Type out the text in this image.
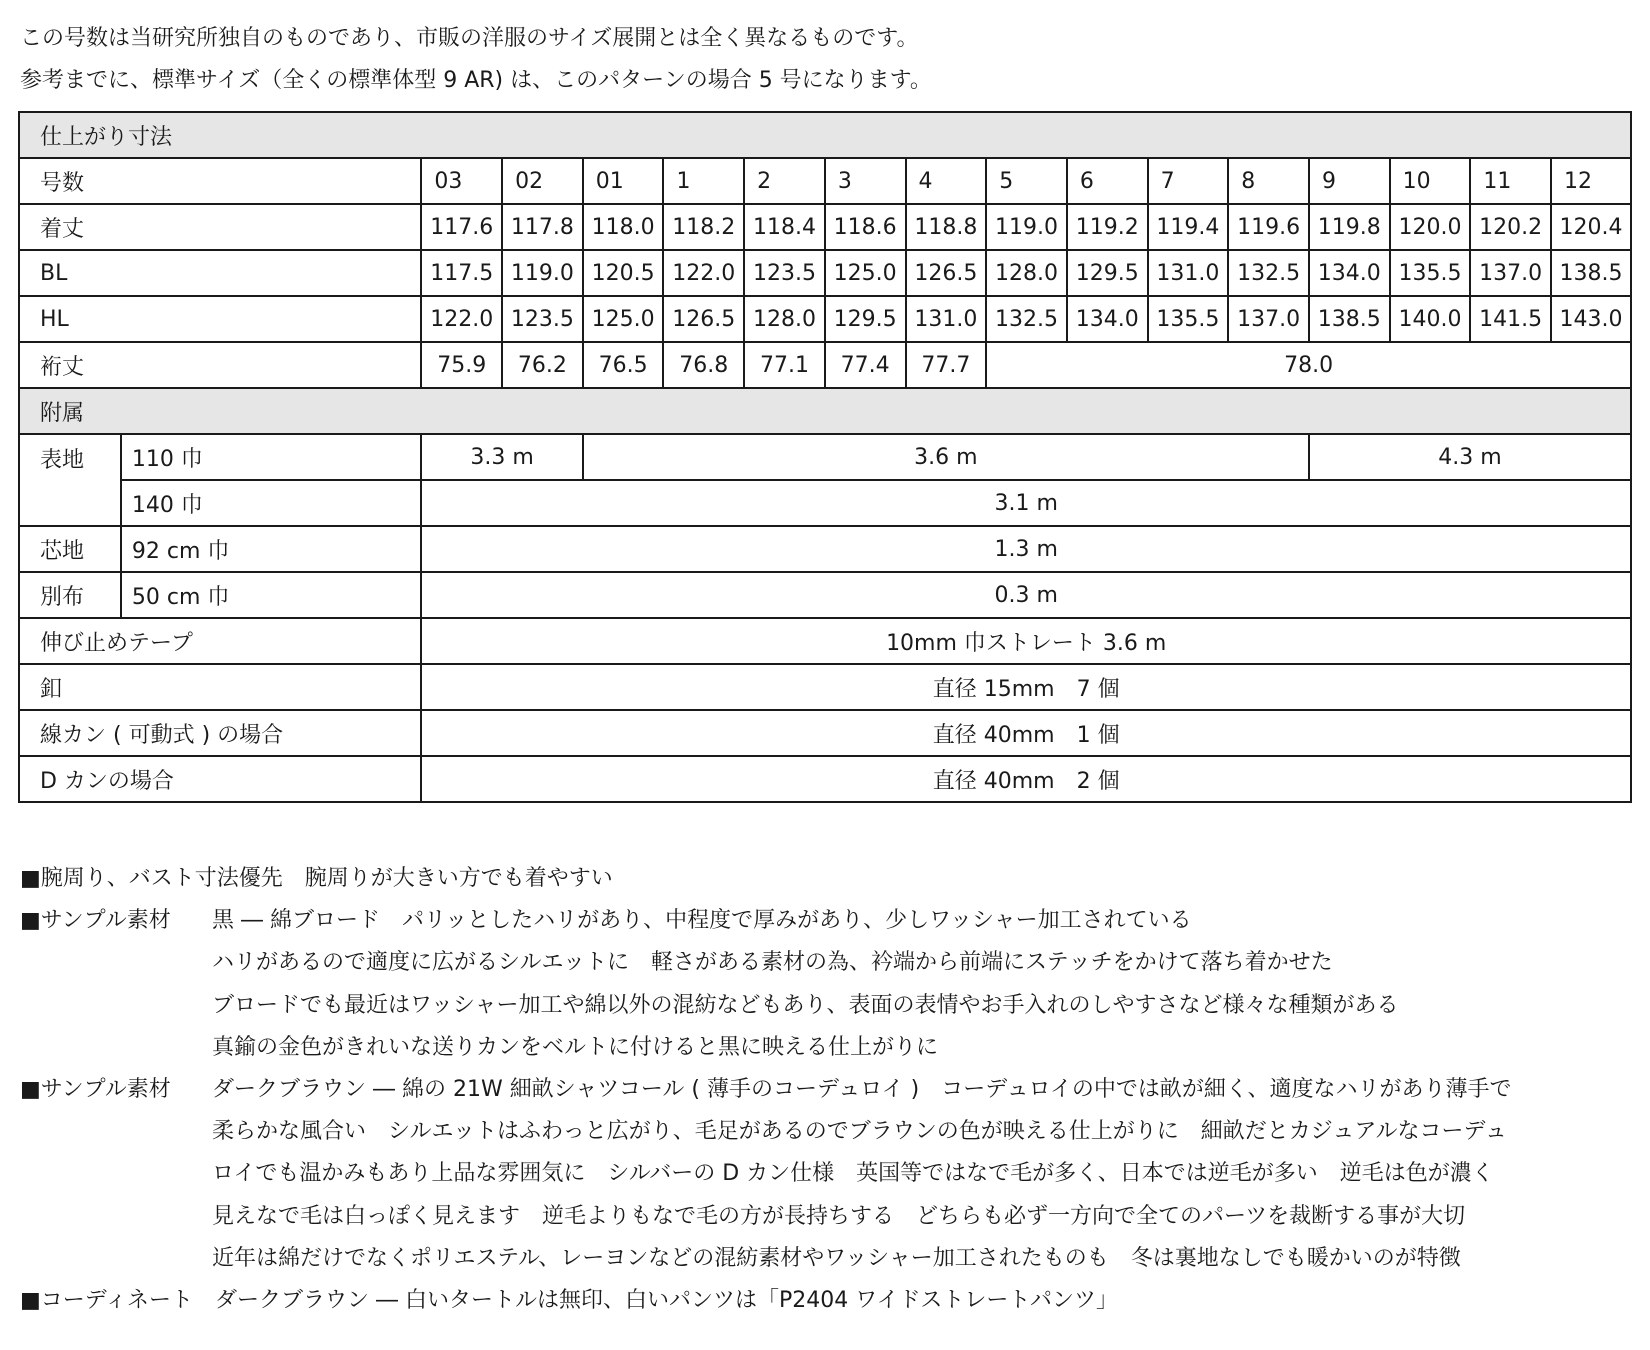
この号数は当研究所独自のものであり、市販の洋服のサイズ展開とは全く異なるものです。

参考までに、標準サイズ（全くの標準体型 9 AR) は、このパターンの場合 5 号になります。

仕上がり寸法																
号数		03	02	01	1	2	3	4	5	6	7	8	9	10	11	12
着丈		117.6	117.8	118.0	118.2	118.4	118.6	118.8	119.0	119.2	119.4	119.6	119.8	120.0	120.2	120.4
BL		117.5	119.0	120.5	122.0	123.5	125.0	126.5	128.0	129.5	131.0	132.5	134.0	135.5	137.0	138.5
HL		122.0	123.5	125.0	126.5	128.0	129.5	131.0	132.5	134.0	135.5	137.0	138.5	140.0	141.5	143.0
裄丈		75.9	76.2	76.5	76.8	77.1	77.4	77.7	78.0							
附属																
表地	110 巾	3.3 m		3.6 m									4.3 m			
	140 巾	3.1 m														
芯地	92 cm 巾	1.3 m														
別布	50 cm 巾	0.3 m														
伸び止めテープ		10mm 巾ストレート 3.6 m														
釦		直径 15mm　7 個														
線カン ( 可動式 ) の場合		直径 40mm　1 個														
D カンの場合		直径 40mm　2 個														
■腕周り、バスト寸法優先　腕周りが大きい方でも着やすい
■サンプル素材	黒 ― 綿ブロード　パリッとしたハリがあり、中程度で厚みがあり、少しワッシャー加工されている
ハリがあるので適度に広がるシルエットに　軽さがある素材の為、衿端から前端にステッチをかけて落ち着かせた
ブロードでも最近はワッシャー加工や綿以外の混紡などもあり、表面の表情やお手入れのしやすさなど様々な種類がある
真鍮の金色がきれいな送りカンをベルトに付けると黒に映える仕上がりに
■サンプル素材	ダークブラウン ― 綿の 21W 細畝シャツコール ( 薄手のコーデュロイ )　コーデュロイの中では畝が細く、適度なハリがあり薄手で
柔らかな風合い　シルエットはふわっと広がり、毛足があるのでブラウンの色が映える仕上がりに　細畝だとカジュアルなコーデュ
ロイでも温かみもあり上品な雰囲気に　シルバーの D カン仕様　英国等ではなで毛が多く、日本では逆毛が多い　逆毛は色が濃く
見えなで毛は白っぽく見えます　逆毛よりもなで毛の方が長持ちする　どちらも必ず一方向で全てのパーツを裁断する事が大切
近年は綿だけでなくポリエステル、レーヨンなどの混紡素材やワッシャー加工されたものも　冬は裏地なしでも暖かいのが特徴
■コーディネート　ダークブラウン ― 白いタートルは無印、白いパンツは「P2404 ワイドストレートパンツ」
